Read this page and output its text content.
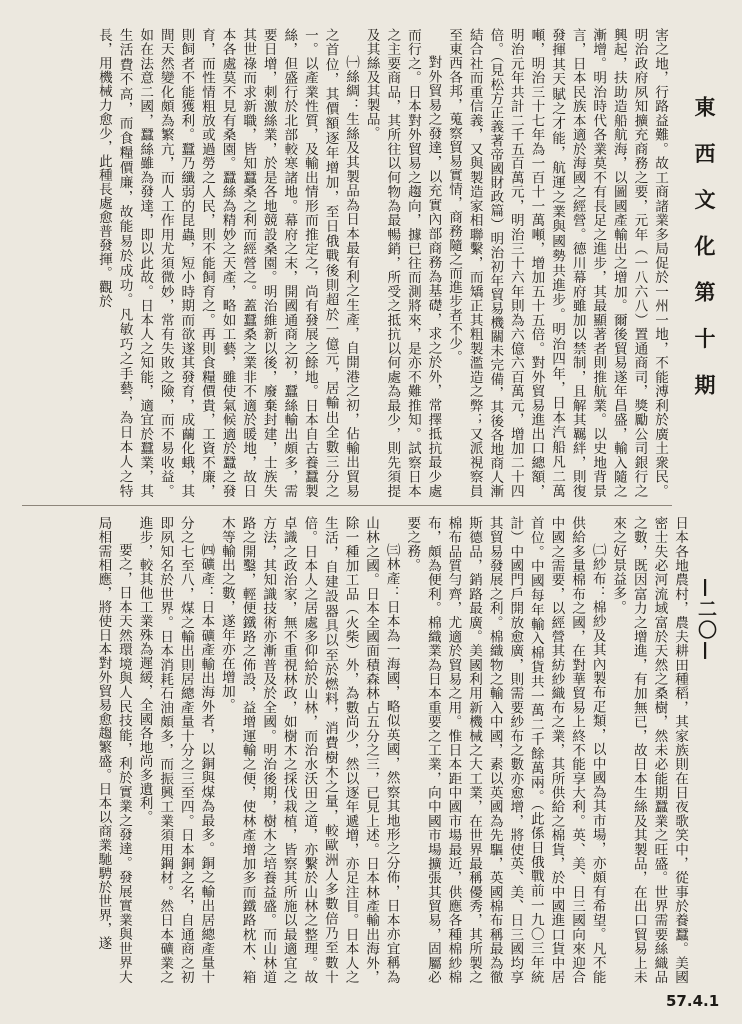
東 西 文 化 第 十 期

害之地，行路益難。故工商諸業多局促於一州一地，不能溥利於廣土衆民。明治政府夙知擴充商務之要，元年（一八六八）置通商司，獎勵公司銀行之興起，扶助造船航海，以圖國產輸出之增加。爾後貿易遂年昌盛，輸入隨之漸增。明治時代各業莫不有長足之進步，其最顯著者則推航業。以史地背景言，日本民族本適於海國之經營。德川幕府雖加以禁制，且解其羈絆，則復發揮其天賦之才能，航運之業與國勢共進步。明治四年，日本汽船凡二萬噸，明治三十七年為一百十一萬噸，增加五十五倍。對外貿易進出口總額，明治元年共計二千五百萬元，明治三十六年則為六億六百萬元，增加二十四倍。（見松方正義著帝國財政篇）明治初年貿易機關未完備，其後各地商人漸結合社而重信義，又與製造家相聯繫，而矯正其粗製濫造之弊；又派視察員至東西各邦，蒐察貿易實情，商務隨之而進步者不少。

對外貿易之發達，以充實內部商務為基礎，求之於外，常擇抵抗最少處而行之。日本對外貿易之趨向，據已往而測將來，是亦不難推知。試察日本之主要商品，其所往以何物為最暢銷，所受之抵抗以何處為最少，則先須提及其絲及其製品。

㈠絲綢：生絲及其製品為日本最有利之生產，自開港之初，佔輸出貿易之首位，其價額逐年增加，至日俄戰後則超於一億元，居輸出全數三分之一。以產業性質，及輸出情形而推定之，尚有發展之餘地。日本自古養蠶製絲，但盛行於北部較寒諸地。幕府之末，開國通商之初，蠶絲輸出頗多，需要日增，刺激絲業，於是各地競設桑園。明治維新以後，廢棄封建，士族失其世祿而求新職，皆知蠶桑之利而經營之。蓋蠶桑之業非不適於暖地，故日本各處莫不見有桑園。蠶絲為精妙之天產，略如工藝，雖使氣候適於蠶之發育，而性情粗放或過勞之人民，則不能飼育之。再則食糧價貴，工資不廉，則飼者不能獲利。蠶乃纖弱的昆蟲，短小時期而欲遂其發育，成繭化蛾，其間天然變化頗為繁亢，而人工作用尤須微妙，常有失敗之險，而不易收益。如在法意二國，蠶絲雖為發達，即以此故。日本人之知能，適宜於蠶業，其生活費不高，而食糧價廉，故能易於成功。凡敏巧之手藝，為日本人之特長，用機械力愈少，此種長處愈普發揮。觀於

—二〇—

日本各地農村，農夫耕田種稻，其家族則在日夜歌笑中，從事於養蠶。美國密士失必河流域富於天然之桑樹，然未必能期蠶業之旺盛。世界需要絲織品之數，既因富力之增進，有加無已，故日本生絲及其製品，在出口貿易上未來之好景益多。

㈡紗布：棉紗及其內製布疋類，以中國為其市場，亦頗有希望。凡不能供給多量棉布之國，在對華貿易上終不能享大利。英、美、日三國向來迎合中國之需要，以經營其紡紗織布之業，其所供給之棉貨，於中國進口貨中居首位。中國每年輸入棉貨共一萬二千餘萬兩。（此係日俄戰前一九〇三年統計）中國門戶開放愈廣，則需要紗布之數亦愈增，將使英、美、日三國均享其貿易發展之利。棉織物之輸入中國，素以英國為先驅，英國棉布稱最為徹斯德品，銷路最廣。美國利用新機械之大工業，在世界最稱優秀，其所製之棉布品質勻齊，尤適於貿易之用。惟日本距中國市場最近，供應各種棉紗棉布，頗為便利。棉織業為日本重要之工業，向中國市場擴張其貿易，固屬必要之務。

㈢林產：日本為一海國，略似英國，然察其地形之分佈，日本亦宜稱為山林之國。日本全國面積森林占五分之三，已見上述。日本林產輸出海外，除一種加工品（火柴）外，為數尚少，然以逐年遞增，亦足注目。日本人之生活，自建設器具以至於燃料，消費樹木之量，較歐洲人多數倍乃至數十倍。日本人之居處多仰給於山林，而治水沃田之道，亦繫於山林之整理。故卓識之政治家，無不重視林政，如樹木之採伐栽植，皆察其所施以最適宜之方法，其知識技術亦漸普及於全國。明治後期，樹木之培養益盛。而山林道路之開鑿，輕便鐵路之佈設，益增運輸之便，使林產增加多而鐵路枕木、箱木等輸出之數，遂年亦在增加。

㈣礦產：日本礦產輸出海外者，以銅與煤為最多。銅之輸出居總產量十分之七至八，煤之輸出則居總產量十分之三至四。日本銅之名，自通商之初即夙知名於世界。日本消耗石油頗多，而振興工業須用鋼材。然日本礦業之進步，較其他工業殊為遲緩，全國各地尚多遺利。

要之，日本天然環境與人民技能，利於實業之發達。發展實業與世界大局相需相應，將使日本對外貿易愈趨繁盛。日本以商業馳騁於世界，遂

57.4.1
